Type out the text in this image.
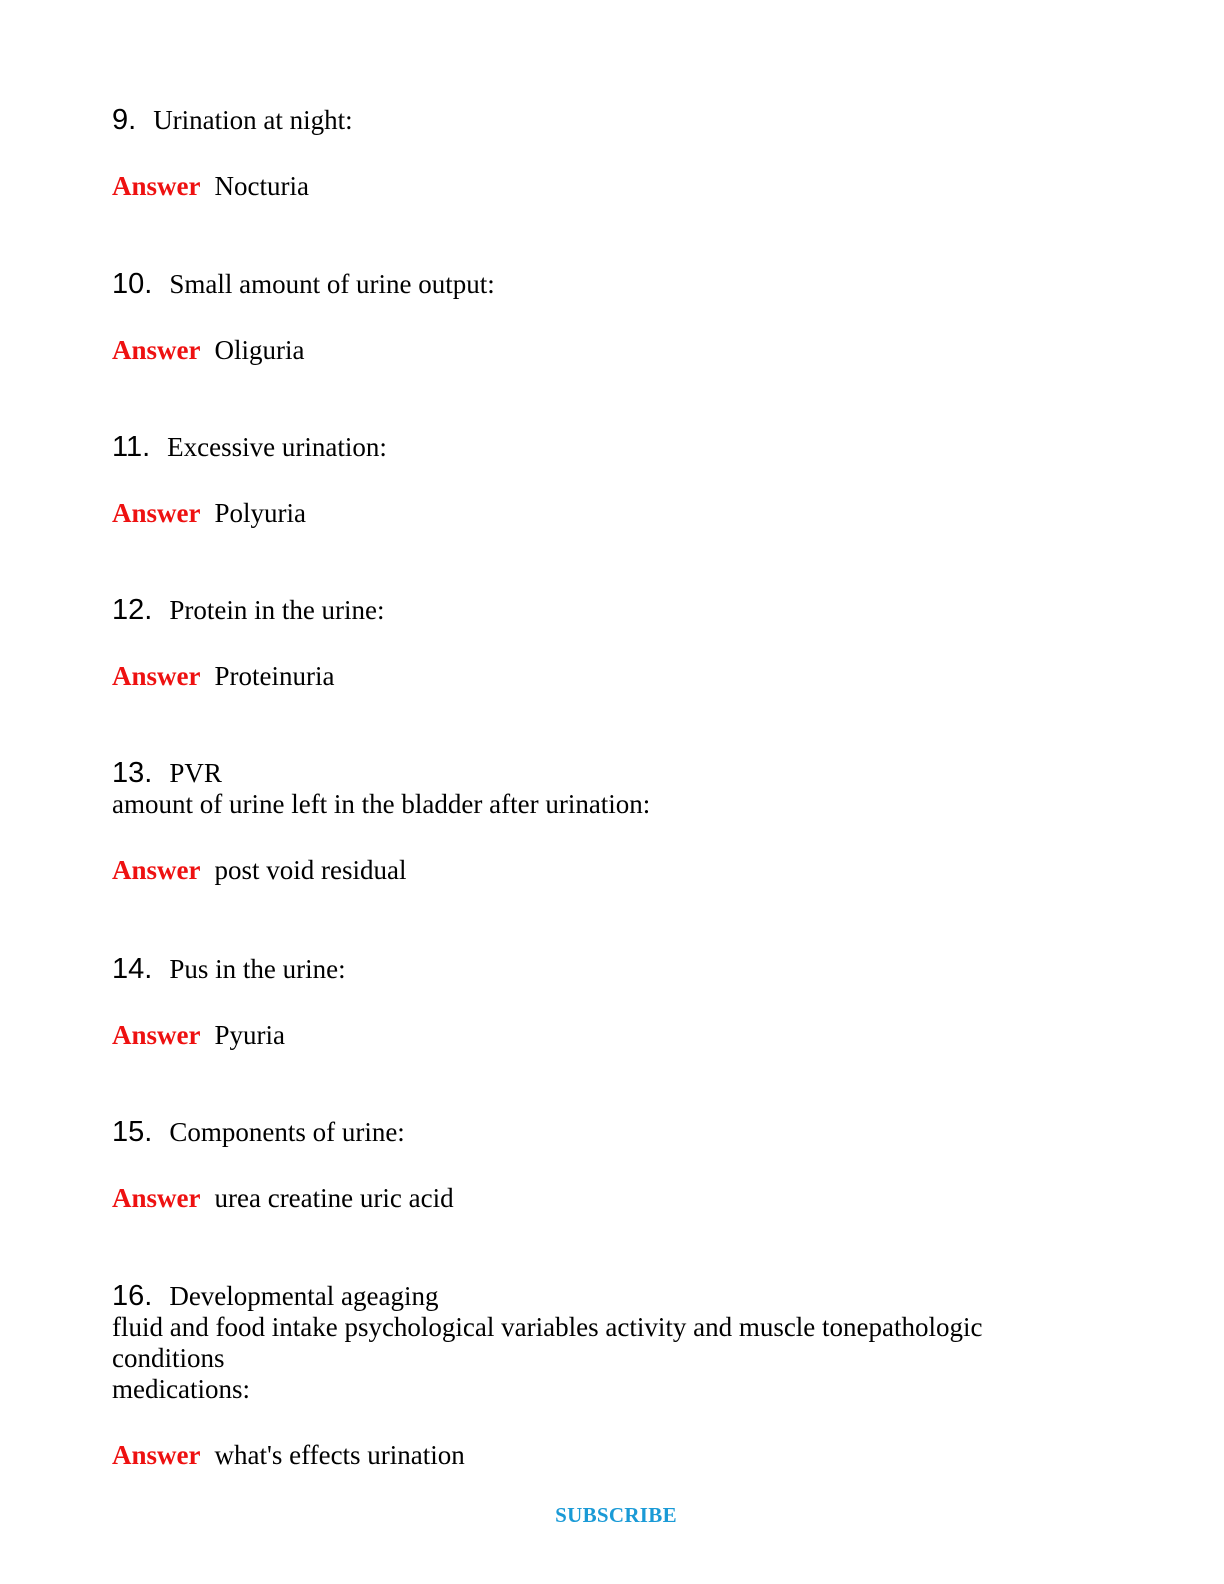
9. Urination at night:
Answer Nocturia
10. Small amount of urine output:
Answer Oliguria
11. Excessive urination:
Answer Polyuria
12. Protein in the urine:
Answer Proteinuria
13. PVR

amount of urine left in the bladder after urination:

Answer post void residual
14. Pus in the urine:
Answer Pyuria
15. Components of urine:
Answer urea creatine uric acid
16. Developmental ageaging

fluid and food intake psychological variables activity and muscle tonepathologic

conditions

medications:

Answer what's effects urination
SUBSCRIBE
